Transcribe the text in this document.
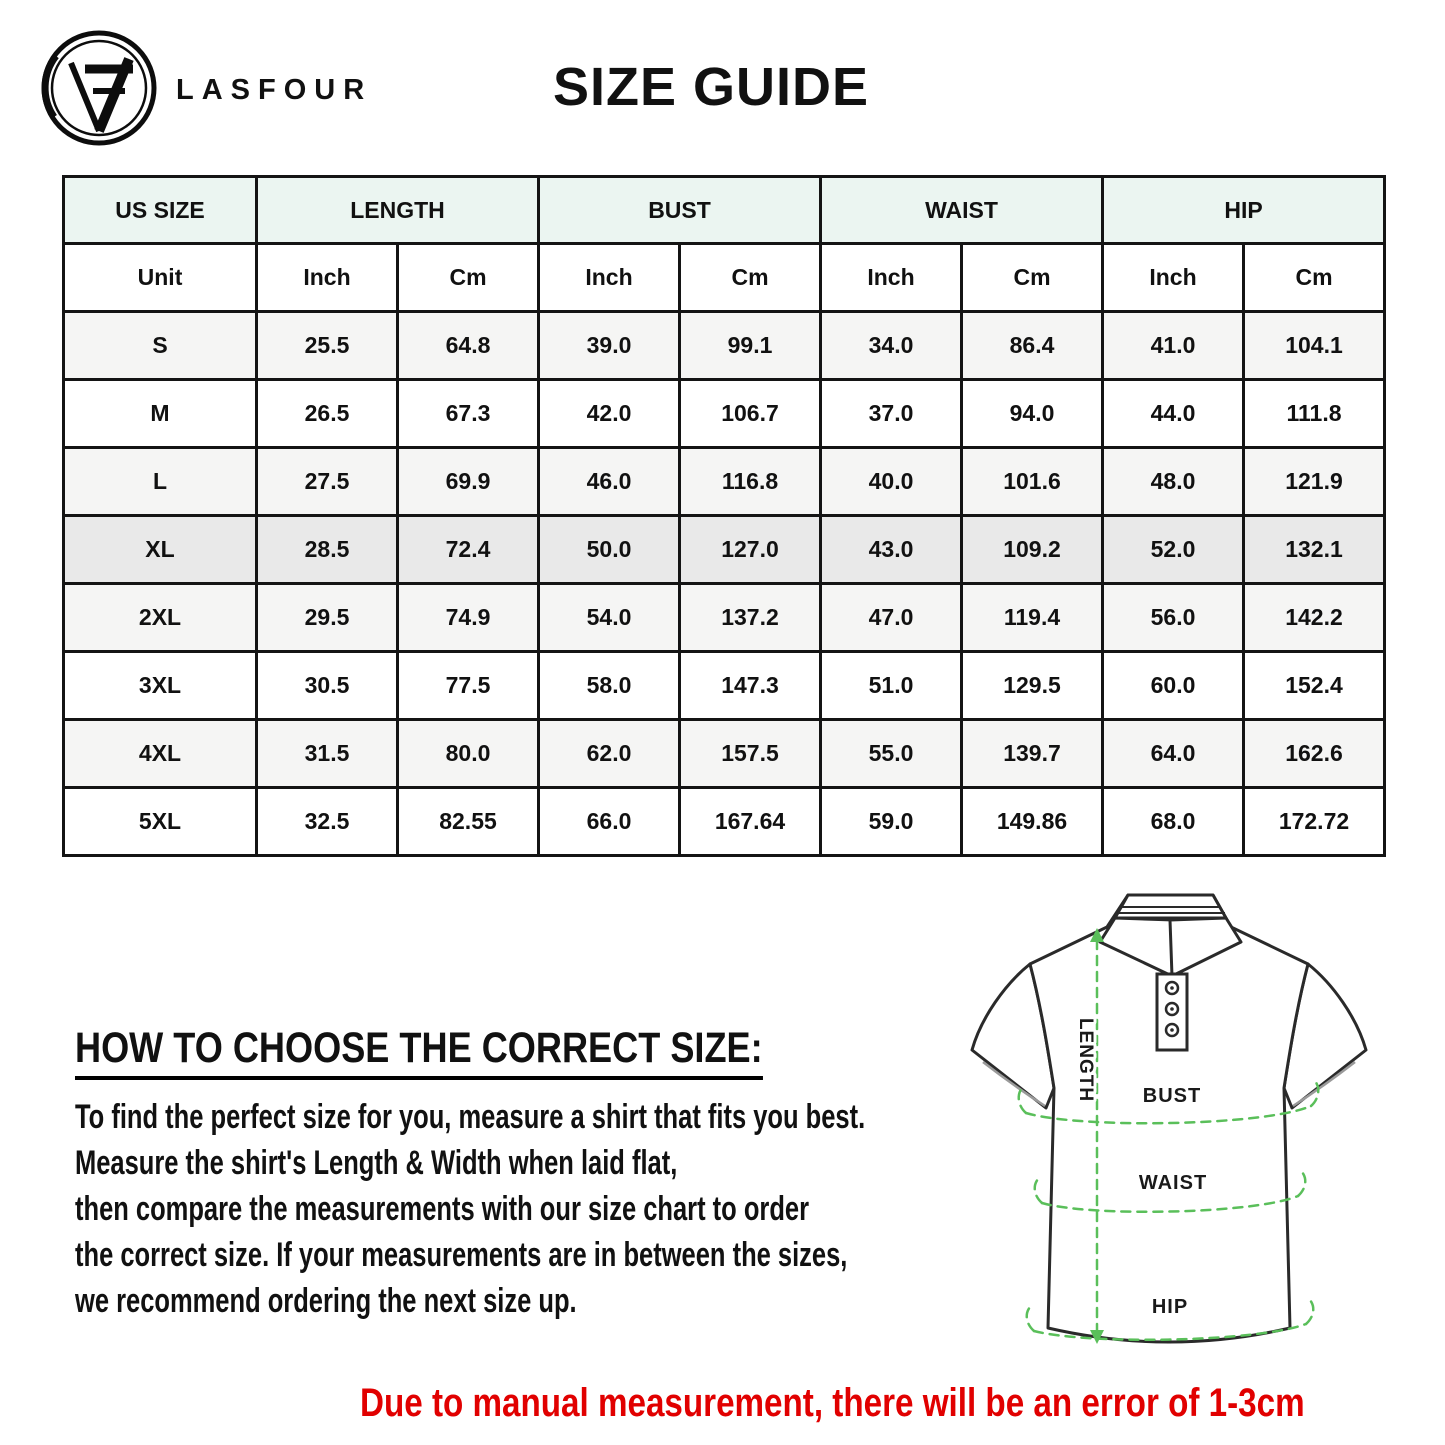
LASFOUR	SIZE GUIDE
US SIZE	LENGTH		BUST		WAIST		HIP	
Unit	Inch	Cm	Inch	Cm	Inch	Cm	Inch	Cm
S	25.5	64.8	39.0	99.1	34.0	86.4	41.0	104.1
M	26.5	67.3	42.0	106.7	37.0	94.0	44.0	111.8
L	27.5	69.9	46.0	116.8	40.0	101.6	48.0	121.9
XL	28.5	72.4	50.0	127.0	43.0	109.2	52.0	132.1
2XL	29.5	74.9	54.0	137.2	47.0	119.4	56.0	142.2
3XL	30.5	77.5	58.0	147.3	51.0	129.5	60.0	152.4
4XL	31.5	80.0	62.0	157.5	55.0	139.7	64.0	162.6
5XL	32.5	82.55	66.0	167.64	59.0	149.86	68.0	172.72
HOW TO CHOOSE THE CORRECT SIZE:
To find the perfect size for you, measure a shirt that fits you best.
Measure the shirt's Length & Width when laid flat,
then compare the measurements with our size chart to order
the correct size. If your measurements are in between the sizes,
we recommend ordering the next size up.
LENGTH BUST
WAIST
HIP
Due to manual measurement, there will be an error of 1-3cm
